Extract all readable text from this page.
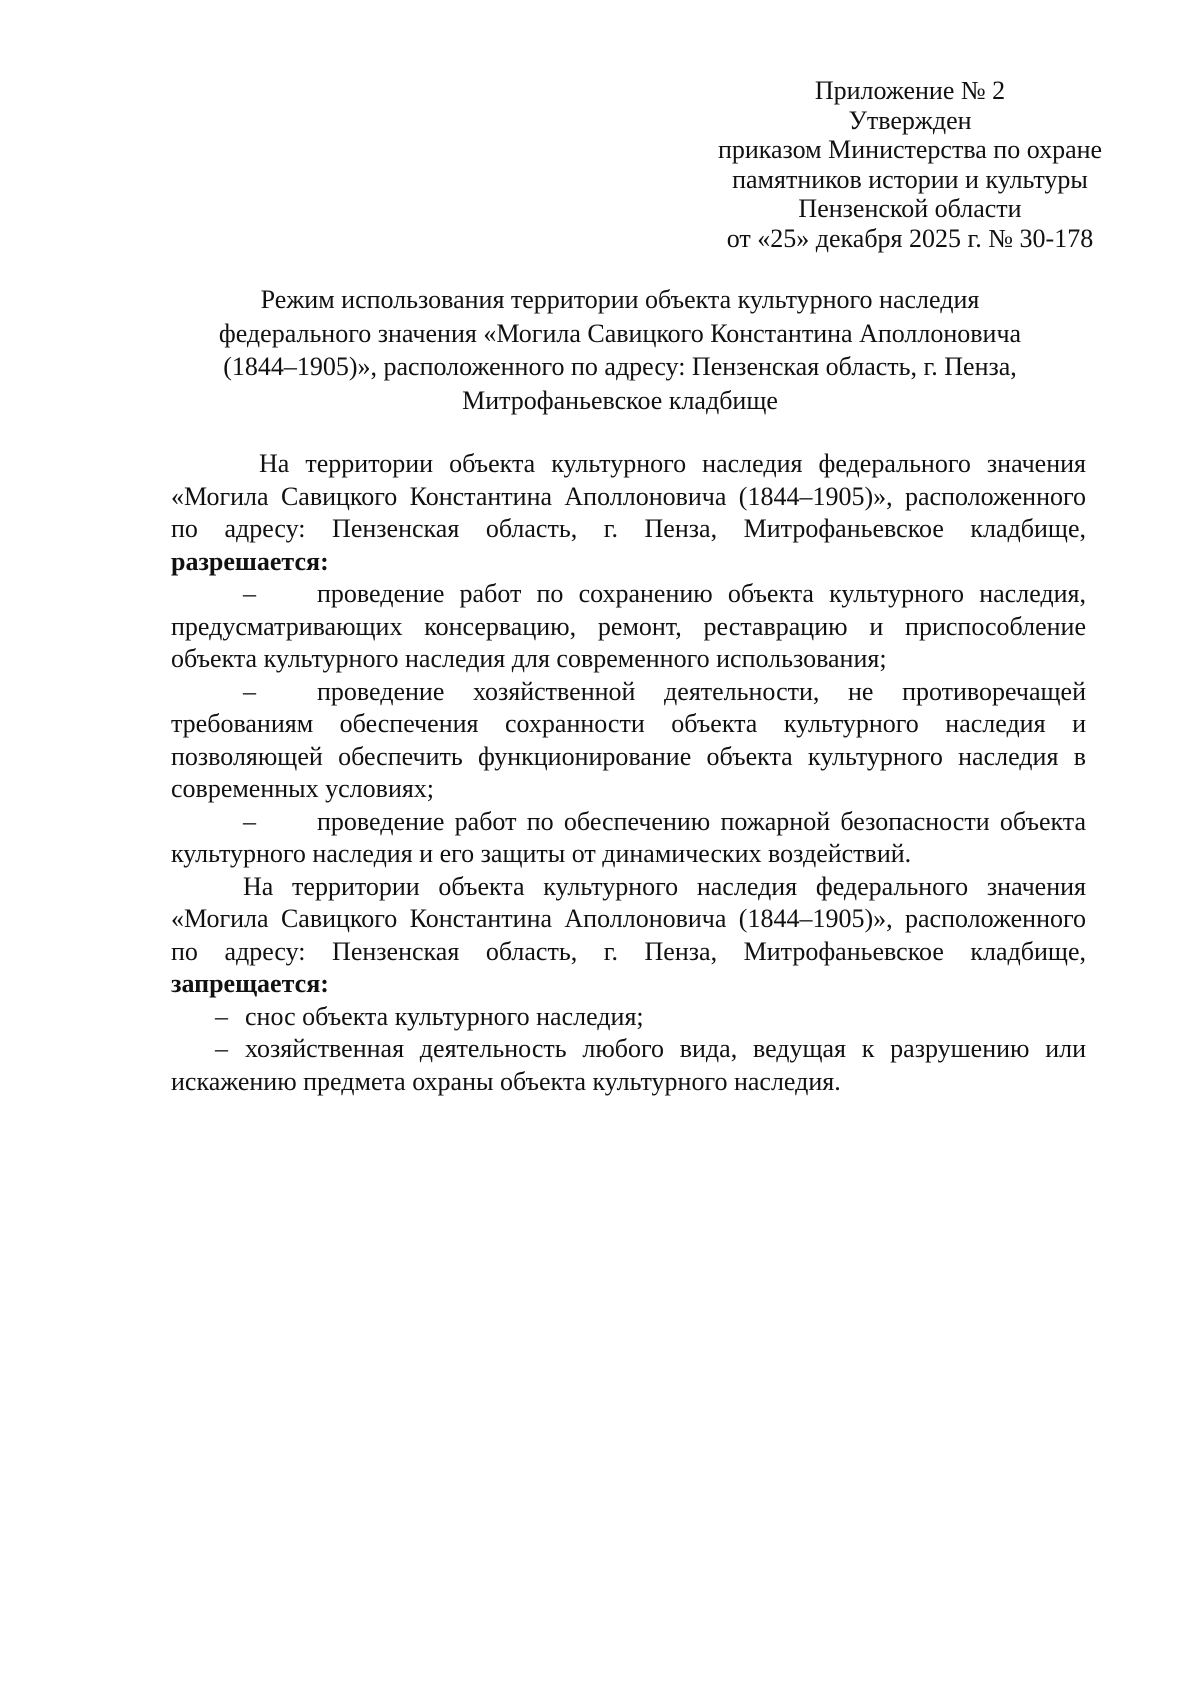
Приложение № 2
Утвержден
приказом Министерства по охране
памятников истории и культуры
Пензенской области
от «25» декабря 2025 г. № 30-178
Режим использования территории объекта культурного наследия
федерального значения «Могила Савицкого Константина Аполлоновича
(1844–1905)», расположенного по адресу: Пензенская область, г. Пенза,
Митрофаньевское кладбище

На территории объекта культурного наследия федерального значения «Могила Савицкого Константина Аполлоновича (1844–1905)», расположенного по адресу: Пензенская область, г. Пенза, Митрофаньевское кладбище, разрешается:

– проведение работ по сохранению объекта культурного наследия, предусматривающих консервацию, ремонт, реставрацию и приспособление объекта культурного наследия для современного использования;

– проведение хозяйственной деятельности, не противоречащей требованиям обеспечения сохранности объекта культурного наследия и позволяющей обеспечить функционирование объекта культурного наследия в современных условиях;

– проведение работ по обеспечению пожарной безопасности объекта культурного наследия и его защиты от динамических воздействий.

На территории объекта культурного наследия федерального значения «Могила Савицкого Константина Аполлоновича (1844–1905)», расположенного по адресу: Пензенская область, г. Пенза, Митрофаньевское кладбище, запрещается:

– снос объекта культурного наследия;

– хозяйственная деятельность любого вида, ведущая к разрушению или искажению предмета охраны объекта культурного наследия.
